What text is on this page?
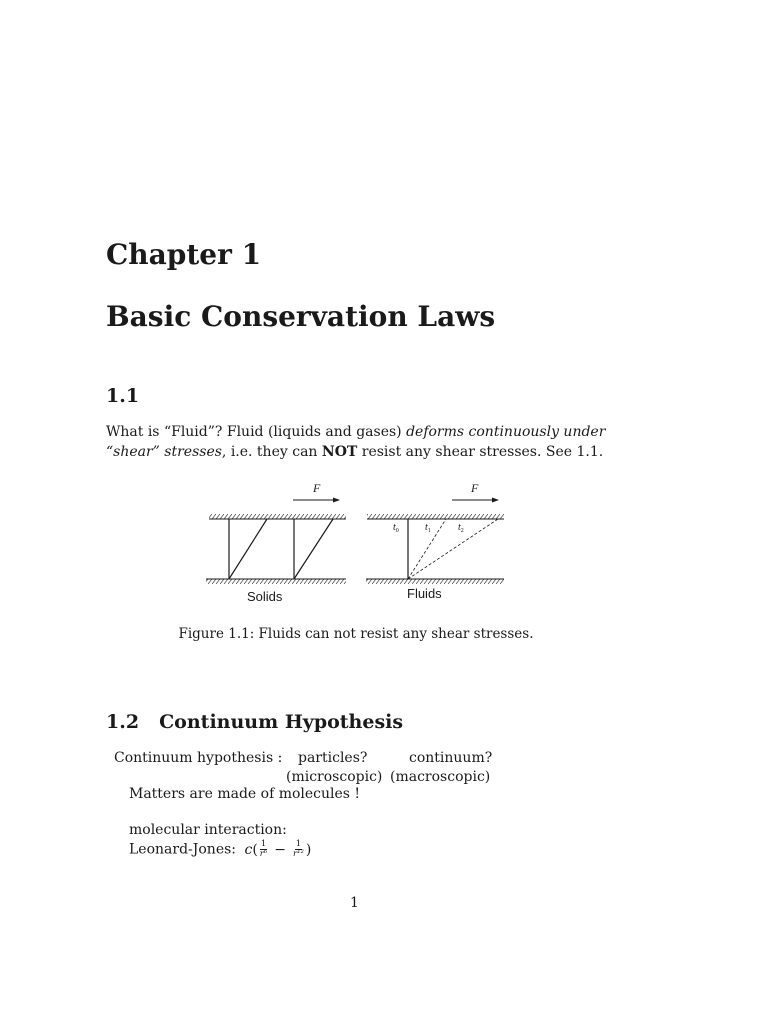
Chapter 1
Basic Conservation Laws
1.1

What is “Fluid”? Fluid (liquids and gases) deforms continuously under “shear” stresses, i.e. they can NOT resist any shear stresses. See 1.1.

F
Solids
F
$t_0$	$t_1$	$t_2$
Fluids

Figure 1.1: Fluids can not resist any shear stresses.

1.2 Continuum Hypothesis

Continuum hypothesis : particles?	continuum?

(microscopic) (macroscopic)

Matters are made of molecules !

molecular interaction:

Leonard-Jones: c ( $\frac{1}{\text{r⁶}} - \frac{1}{\text{r¹²}}$ )

1
